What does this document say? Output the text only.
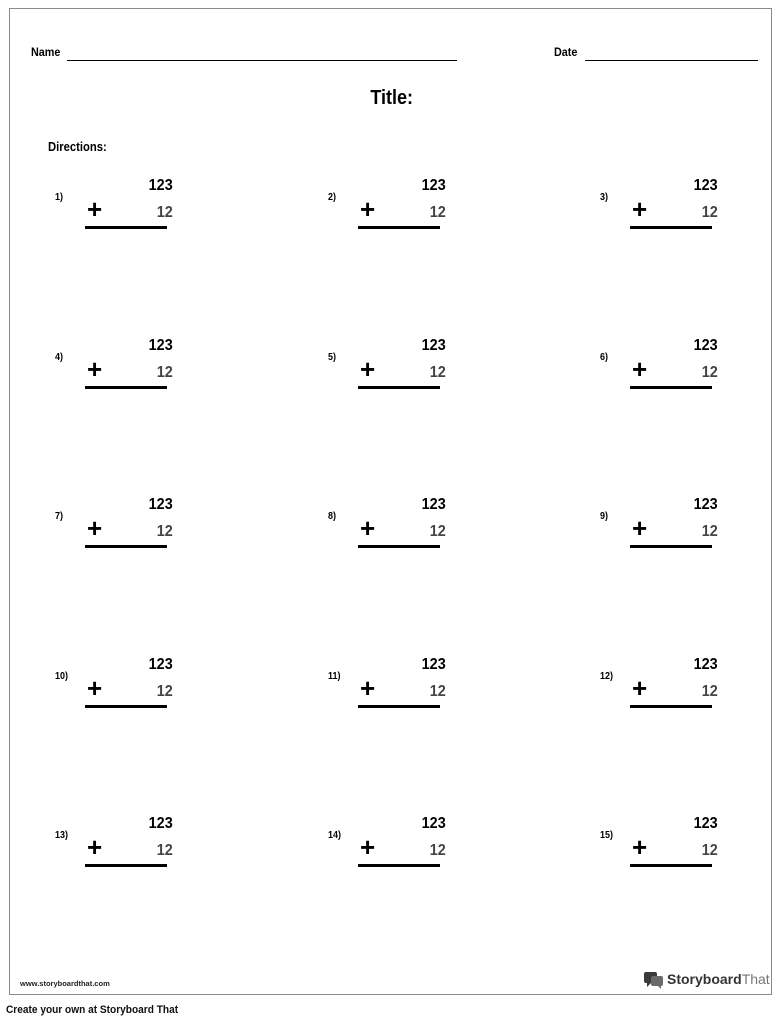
Name	Date
Title:
Directions:
1)
123
+	12
2)
123
+	12
3)
123
+	12
4)
123
+	12
5)
123
+	12
6)
123
+	12
7)
123
+	12
8)
123
+	12
9)
123
+	12
10)
123
+	12
11)
123
+	12
12)
123
+	12
13)
123
+	12
14)
123
+	12
15)
123
+	12
www.storyboardthat.com	StoryboardThat
Create your own at Storyboard That
